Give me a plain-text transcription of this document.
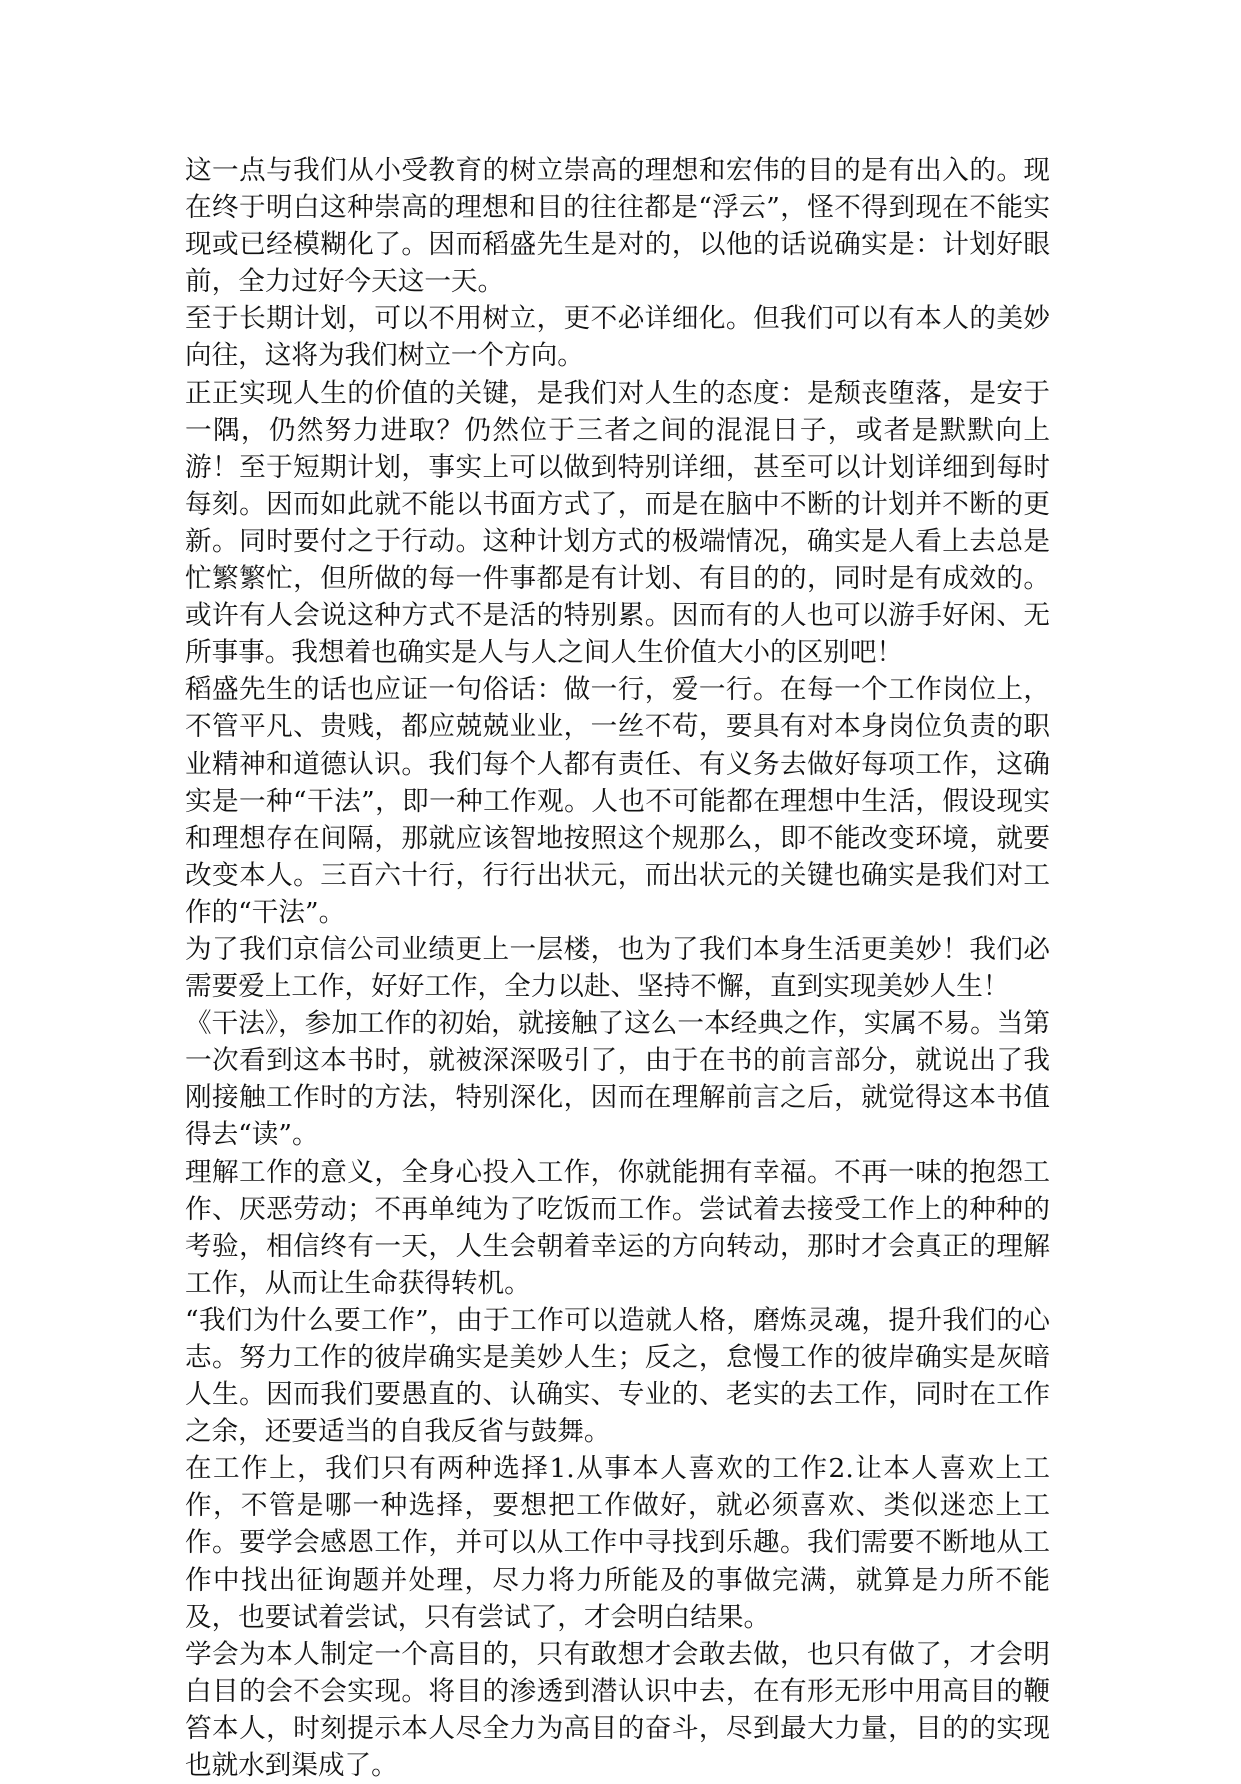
这一点与我们从小受教育的树立崇高的理想和宏伟的目的是有出入的。现在终于明白这种崇高的理想和目的往往都是“浮云”，怪不得到现在不能实现或已经模糊化了。因而稻盛先生是对的，以他的话说确实是：计划好眼前，全力过好今天这一天。

至于长期计划，可以不用树立，更不必详细化。但我们可以有本人的美妙向往，这将为我们树立一个方向。

正正实现人生的价值的关键，是我们对人生的态度：是颓丧堕落，是安于一隅，仍然努力进取？仍然位于三者之间的混混日子，或者是默默向上游！至于短期计划，事实上可以做到特别详细，甚至可以计划详细到每时每刻。因而如此就不能以书面方式了，而是在脑中不断的计划并不断的更新。同时要付之于行动。这种计划方式的极端情况，确实是人看上去总是忙繁繁忙，但所做的每一件事都是有计划、有目的的，同时是有成效的。或许有人会说这种方式不是活的特别累。因而有的人也可以游手好闲、无所事事。我想着也确实是人与人之间人生价值大小的区别吧！

稻盛先生的话也应证一句俗话：做一行，爱一行。在每一个工作岗位上，不管平凡、贵贱，都应兢兢业业，一丝不苟，要具有对本身岗位负责的职业精神和道德认识。我们每个人都有责任、有义务去做好每项工作，这确实是一种“干法”，即一种工作观。人也不可能都在理想中生活，假设现实和理想存在间隔，那就应该智地按照这个规那么，即不能改变环境，就要改变本人。三百六十行，行行出状元，而出状元的关键也确实是我们对工作的“干法”。

为了我们京信公司业绩更上一层楼，也为了我们本身生活更美妙！我们必需要爱上工作，好好工作，全力以赴、坚持不懈，直到实现美妙人生！

《干法》，参加工作的初始，就接触了这么一本经典之作，实属不易。当第一次看到这本书时，就被深深吸引了，由于在书的前言部分，就说出了我刚接触工作时的方法，特别深化，因而在理解前言之后，就觉得这本书值得去“读”。

理解工作的意义，全身心投入工作，你就能拥有幸福。不再一味的抱怨工作、厌恶劳动；不再单纯为了吃饭而工作。尝试着去接受工作上的种种的考验，相信终有一天，人生会朝着幸运的方向转动，那时才会真正的理解工作，从而让生命获得转机。

“我们为什么要工作”，由于工作可以造就人格，磨炼灵魂，提升我们的心志。努力工作的彼岸确实是美妙人生；反之，怠慢工作的彼岸确实是灰暗人生。因而我们要愚直的、认确实、专业的、老实的去工作，同时在工作之余，还要适当的自我反省与鼓舞。

在工作上，我们只有两种选择1.从事本人喜欢的工作2.让本人喜欢上工作，不管是哪一种选择，要想把工作做好，就必须喜欢、类似迷恋上工作。要学会感恩工作，并可以从工作中寻找到乐趣。我们需要不断地从工作中找出征询题并处理，尽力将力所能及的事做完满，就算是力所不能及，也要试着尝试，只有尝试了，才会明白结果。

学会为本人制定一个高目的，只有敢想才会敢去做，也只有做了，才会明白目的会不会实现。将目的渗透到潜认识中去，在有形无形中用高目的鞭笞本人，时刻提示本人尽全力为高目的奋斗，尽到最大力量，目的的实现也就水到渠成了。
